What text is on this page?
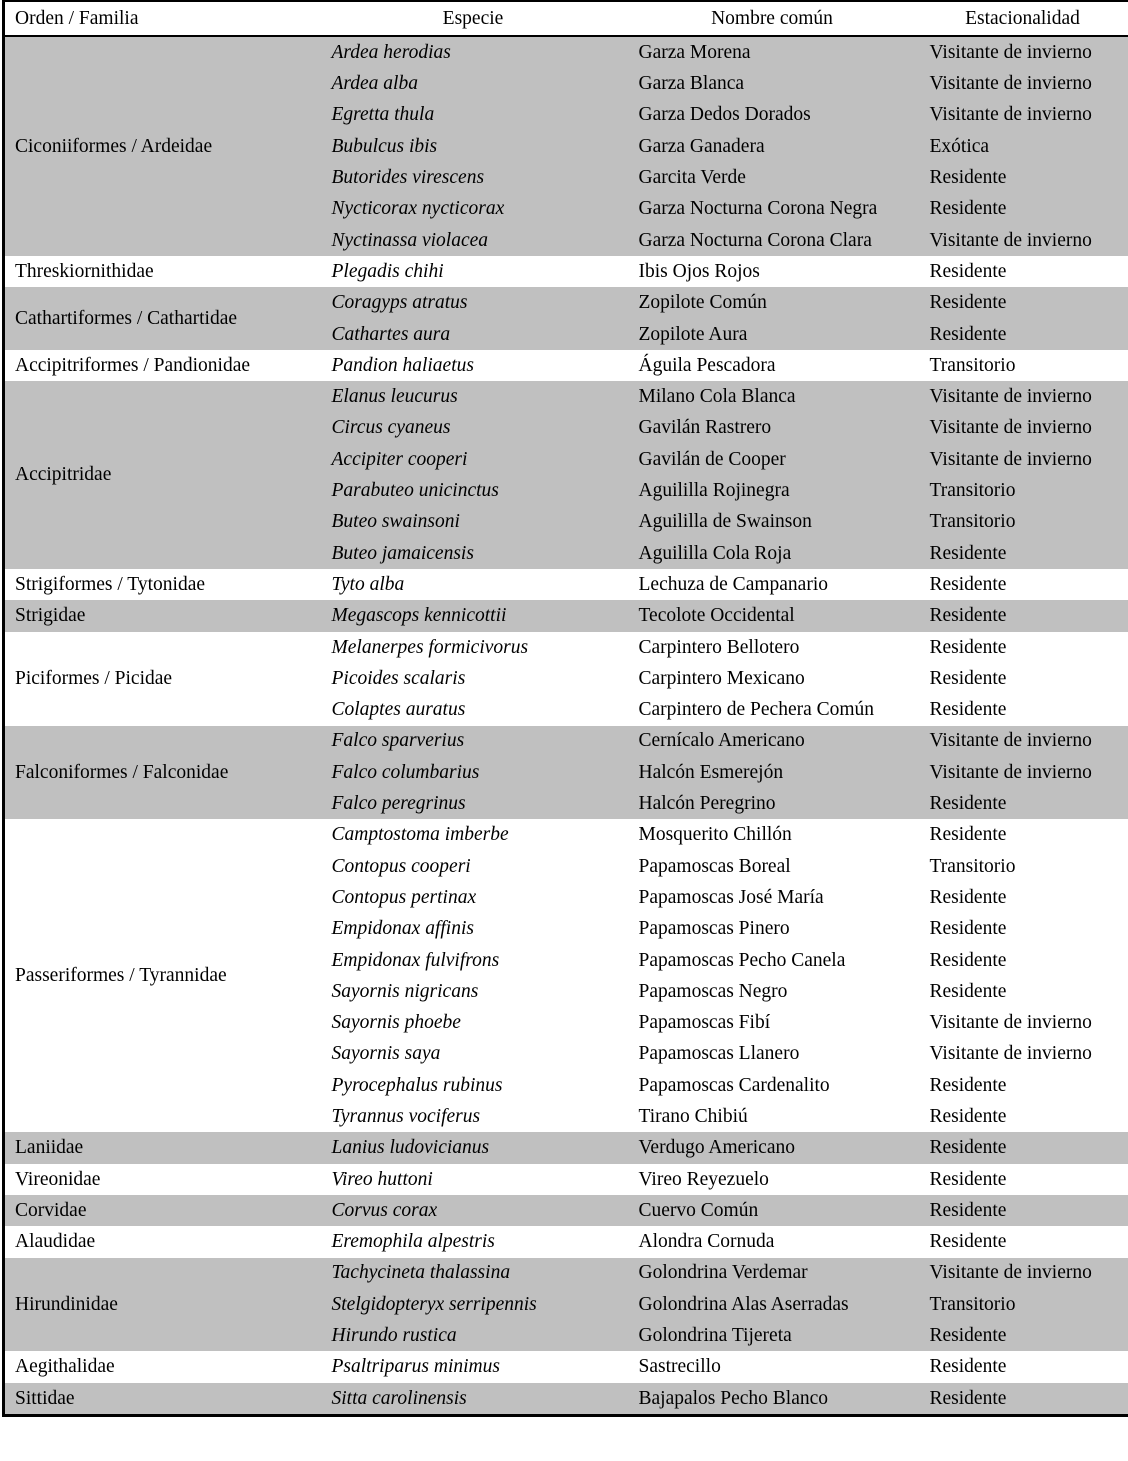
Orden / Familia	Especie	Nombre común	Estacionalidad
Ciconiiformes / Ardeidae	Ardea herodias	Garza Morena	Visitante de invierno
	Ardea alba	Garza Blanca	Visitante de invierno
	Egretta thula	Garza Dedos Dorados	Visitante de invierno
	Bubulcus ibis	Garza Ganadera	Exótica
	Butorides virescens	Garcita Verde	Residente
	Nycticorax nycticorax	Garza Nocturna Corona Negra	Residente
	Nyctinassa violacea	Garza Nocturna Corona Clara	Visitante de invierno
Threskiornithidae	Plegadis chihi	Ibis Ojos Rojos	Residente
Cathartiformes / Cathartidae	Coragyps atratus	Zopilote Común	Residente
	Cathartes aura	Zopilote Aura	Residente
Accipitriformes / Pandionidae	Pandion haliaetus	Águila Pescadora	Transitorio
Accipitridae	Elanus leucurus	Milano Cola Blanca	Visitante de invierno
	Circus cyaneus	Gavilán Rastrero	Visitante de invierno
	Accipiter cooperi	Gavilán de Cooper	Visitante de invierno
	Parabuteo unicinctus	Aguililla Rojinegra	Transitorio
	Buteo swainsoni	Aguililla de Swainson	Transitorio
	Buteo jamaicensis	Aguililla Cola Roja	Residente
Strigiformes / Tytonidae	Tyto alba	Lechuza de Campanario	Residente
Strigidae	Megascops kennicottii	Tecolote Occidental	Residente
Piciformes / Picidae	Melanerpes formicivorus	Carpintero Bellotero	Residente
	Picoides scalaris	Carpintero Mexicano	Residente
	Colaptes auratus	Carpintero de Pechera Común	Residente
Falconiformes / Falconidae	Falco sparverius	Cernícalo Americano	Visitante de invierno
	Falco columbarius	Halcón Esmerejón	Visitante de invierno
	Falco peregrinus	Halcón Peregrino	Residente
Passeriformes / Tyrannidae	Camptostoma imberbe	Mosquerito Chillón	Residente
	Contopus cooperi	Papamoscas Boreal	Transitorio
	Contopus pertinax	Papamoscas José María	Residente
	Empidonax affinis	Papamoscas Pinero	Residente
	Empidonax fulvifrons	Papamoscas Pecho Canela	Residente
	Sayornis nigricans	Papamoscas Negro	Residente
	Sayornis phoebe	Papamoscas Fibí	Visitante de invierno
	Sayornis saya	Papamoscas Llanero	Visitante de invierno
	Pyrocephalus rubinus	Papamoscas Cardenalito	Residente
	Tyrannus vociferus	Tirano Chibiú	Residente
Laniidae	Lanius ludovicianus	Verdugo Americano	Residente
Vireonidae	Vireo huttoni	Vireo Reyezuelo	Residente
Corvidae	Corvus corax	Cuervo Común	Residente
Alaudidae	Eremophila alpestris	Alondra Cornuda	Residente
Hirundinidae	Tachycineta thalassina	Golondrina Verdemar	Visitante de invierno
	Stelgidopteryx serripennis	Golondrina Alas Aserradas	Transitorio
	Hirundo rustica	Golondrina Tijereta	Residente
Aegithalidae	Psaltriparus minimus	Sastrecillo	Residente
Sittidae	Sitta carolinensis	Bajapalos Pecho Blanco	Residente
